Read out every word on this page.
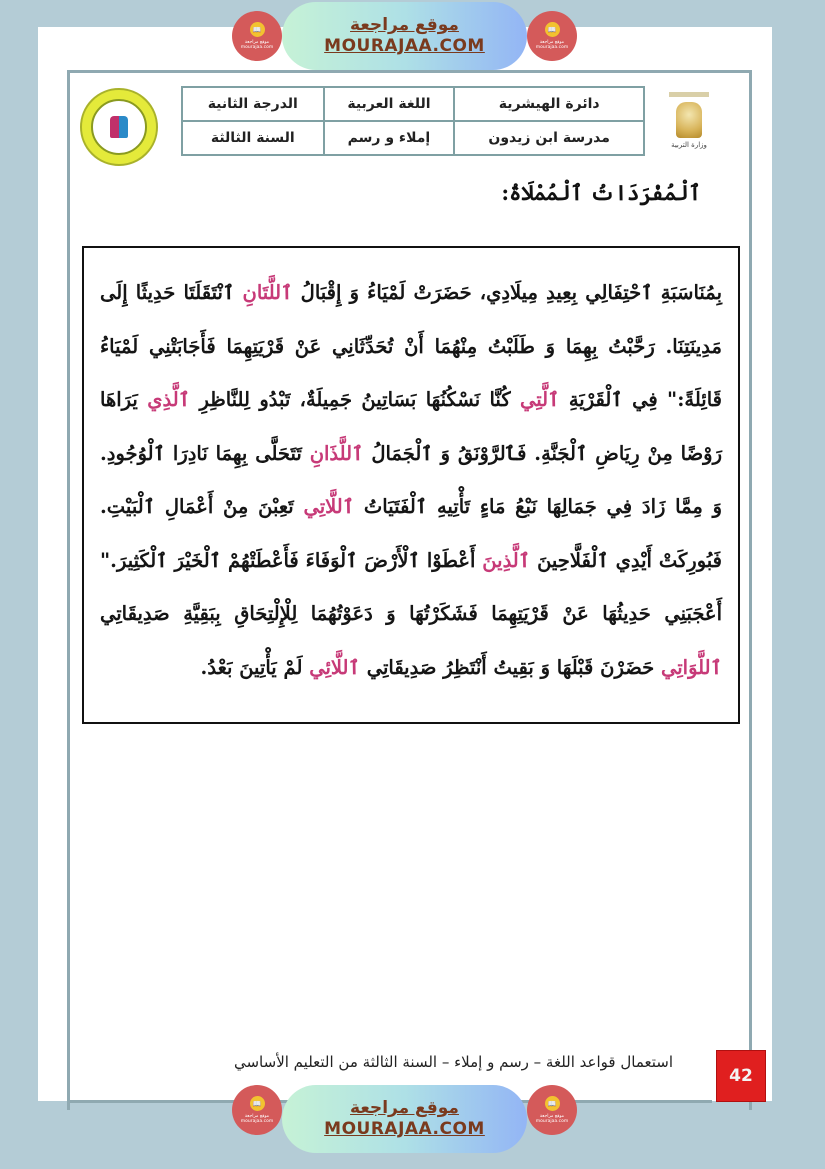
📖
موقع مراجعة
mourajaa.com
موقع مراجعة
MOURAJAA.COM
📖
موقع مراجعة
mourajaa.com
دائرة الهيشرية	اللغة العربية	الدرجة الثانية
مدرسة ابن زيدون	إملاء و رسم	السنة الثالثة	وزارة التربية
ٱلْمُفْرَدَاتُ ٱلْمُمْلَاةُ:

بِمُنَاسَبَةِ ٱحْتِفَالِي بِعِيدِ مِيلَادِي، حَضَرَتْ لَمْيَاءُ وَ إِقْبَالُ ٱللَّتَانِ ٱنْتَقَلَتَا حَدِيثًا إِلَى مَدِينَتِنَا. رَحَّبْتُ بِهِمَا وَ طَلَبْتُ مِنْهُمَا أَنْ تُحَدِّثَانِي عَنْ قَرْيَتِهِمَا فَأَجَابَتْنِي لَمْيَاءُ قَائِلَةً:" فِي ٱلْقَرْيَةِ ٱلَّتِي كُنَّا نَسْكُنُهَا بَسَاتِينُ جَمِيلَةٌ، تَبْدُو لِلنَّاظِرِ ٱلَّذِي يَرَاهَا رَوْضًا مِنْ رِيَاضِ ٱلْجَنَّةِ. فَٱلرَّوْنَقُ وَ ٱلْجَمَالُ ٱللَّذَانِ تَتَحَلَّى بِهِمَا نَادِرَا ٱلْوُجُودِ. وَ مِمَّا زَادَ فِي جَمَالِهَا نَبْعُ مَاءٍ تَأْتِيهِ ٱلْفَتَيَاتُ ٱللَّاتِي تَعِبْنَ مِنْ أَعْمَالِ ٱلْبَيْتِ. فَبُورِكَتْ أَيْدِي ٱلْفَلَّاحِينَ ٱلَّذِينَ أَعْطَوْا ٱلْأَرْضَ ٱلْوَفَاءَ فَأَعْطَتْهُمْ ٱلْخَيْرَ ٱلْكَثِيرَ." أَعْجَبَنِي حَدِيثُهَا عَنْ قَرْيَتِهِمَا فَشَكَرْتُهَا وَ دَعَوْتُهُمَا لِلْإِلْتِحَاقِ بِبَقِيَّةِ صَدِيقَاتِي ٱللَّوَاتِي حَضَرْنَ قَبْلَهَا وَ بَقِيتُ أَنْتَظِرُ صَدِيقَاتِي ٱللَّائِي لَمْ يَأْتِينَ بَعْدُ.

استعمال قواعد اللغة – رسم و إملاء – السنة الثالثة من التعليم الأساسي
42
📖
موقع مراجعة
mourajaa.com
موقع مراجعة
MOURAJAA.COM
📖
موقع مراجعة
mourajaa.com
